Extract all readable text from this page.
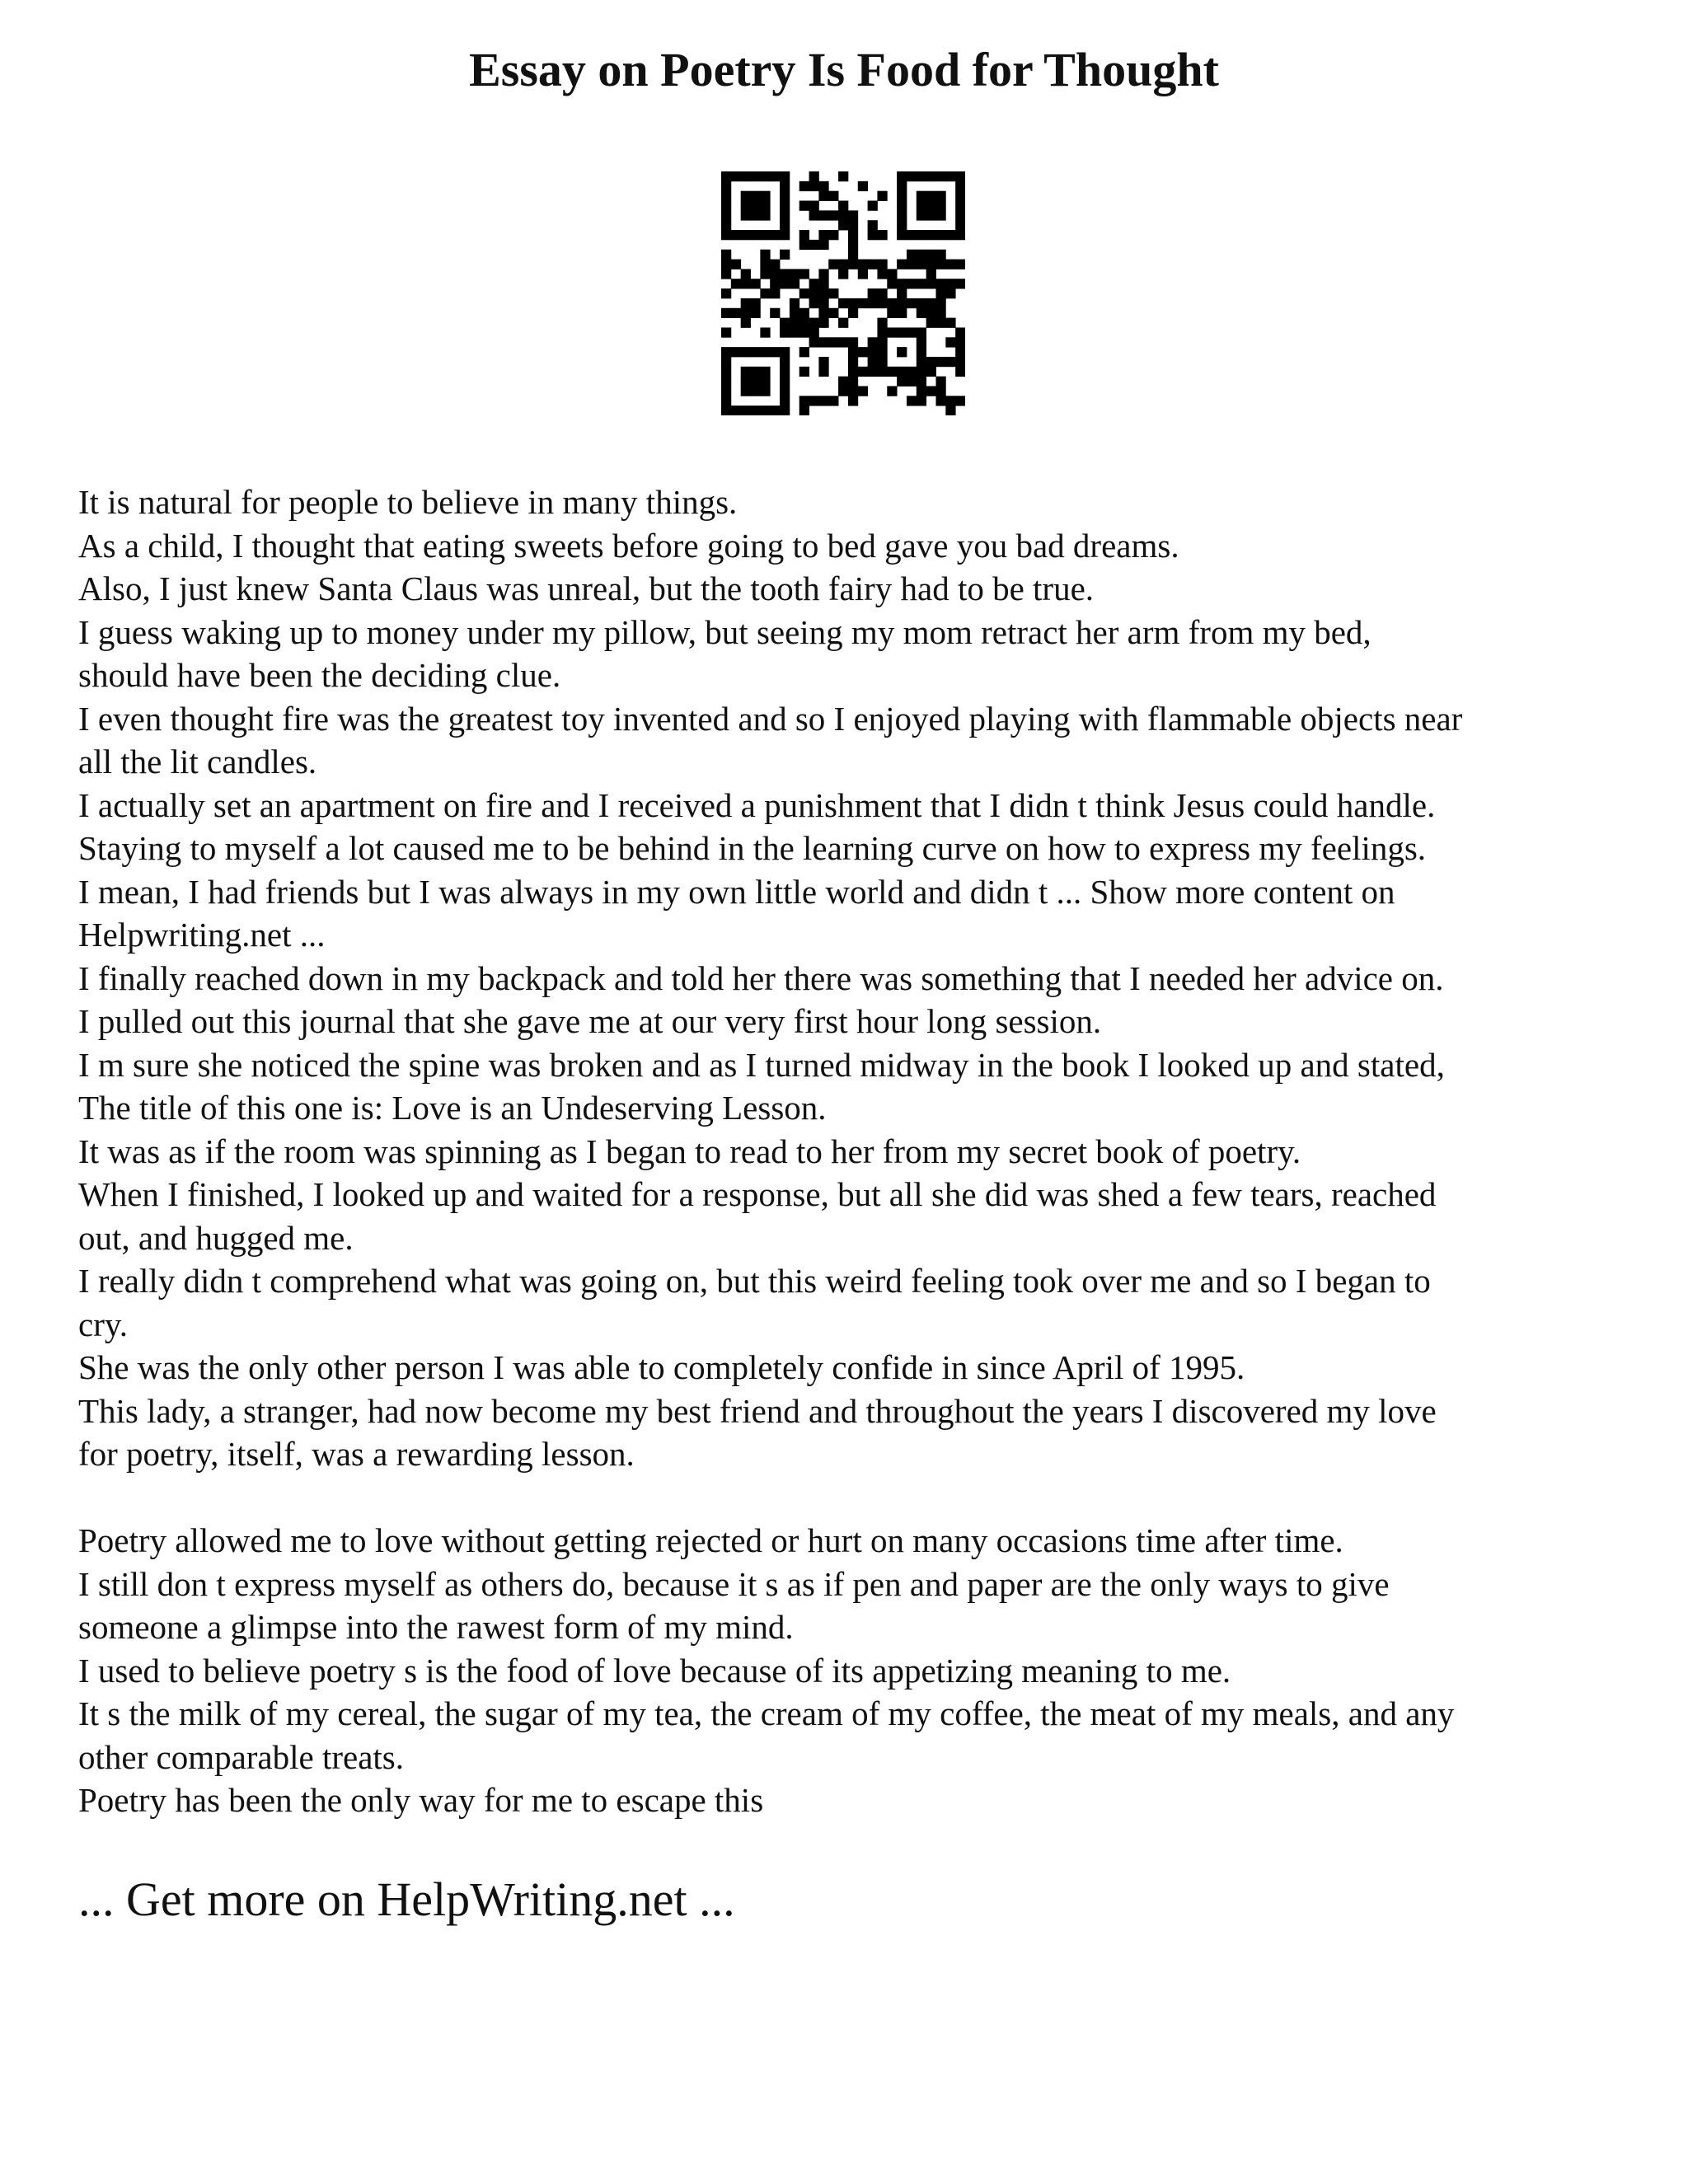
Essay on Poetry Is Food for Thought
It is natural for people to believe in many things.
As a child, I thought that eating sweets before going to bed gave you bad dreams.
Also, I just knew Santa Claus was unreal, but the tooth fairy had to be true.
I guess waking up to money under my pillow, but seeing my mom retract her arm from my bed,
should have been the deciding clue.
I even thought fire was the greatest toy invented and so I enjoyed playing with flammable objects near
all the lit candles.
I actually set an apartment on fire and I received a punishment that I didn t think Jesus could handle.
Staying to myself a lot caused me to be behind in the learning curve on how to express my feelings.
I mean, I had friends but I was always in my own little world and didn t ... Show more content on
Helpwriting.net ...
I finally reached down in my backpack and told her there was something that I needed her advice on.
I pulled out this journal that she gave me at our very first hour long session.
I m sure she noticed the spine was broken and as I turned midway in the book I looked up and stated,
The title of this one is: Love is an Undeserving Lesson.
It was as if the room was spinning as I began to read to her from my secret book of poetry.
When I finished, I looked up and waited for a response, but all she did was shed a few tears, reached
out, and hugged me.
I really didn t comprehend what was going on, but this weird feeling took over me and so I began to
cry.
She was the only other person I was able to completely confide in since April of 1995.
This lady, a stranger, had now become my best friend and throughout the years I discovered my love
for poetry, itself, was a rewarding lesson.
Poetry allowed me to love without getting rejected or hurt on many occasions time after time.
I still don t express myself as others do, because it s as if pen and paper are the only ways to give
someone a glimpse into the rawest form of my mind.
I used to believe poetry s is the food of love because of its appetizing meaning to me.
It s the milk of my cereal, the sugar of my tea, the cream of my coffee, the meat of my meals, and any
other comparable treats.
Poetry has been the only way for me to escape this
... Get more on HelpWriting.net ...
